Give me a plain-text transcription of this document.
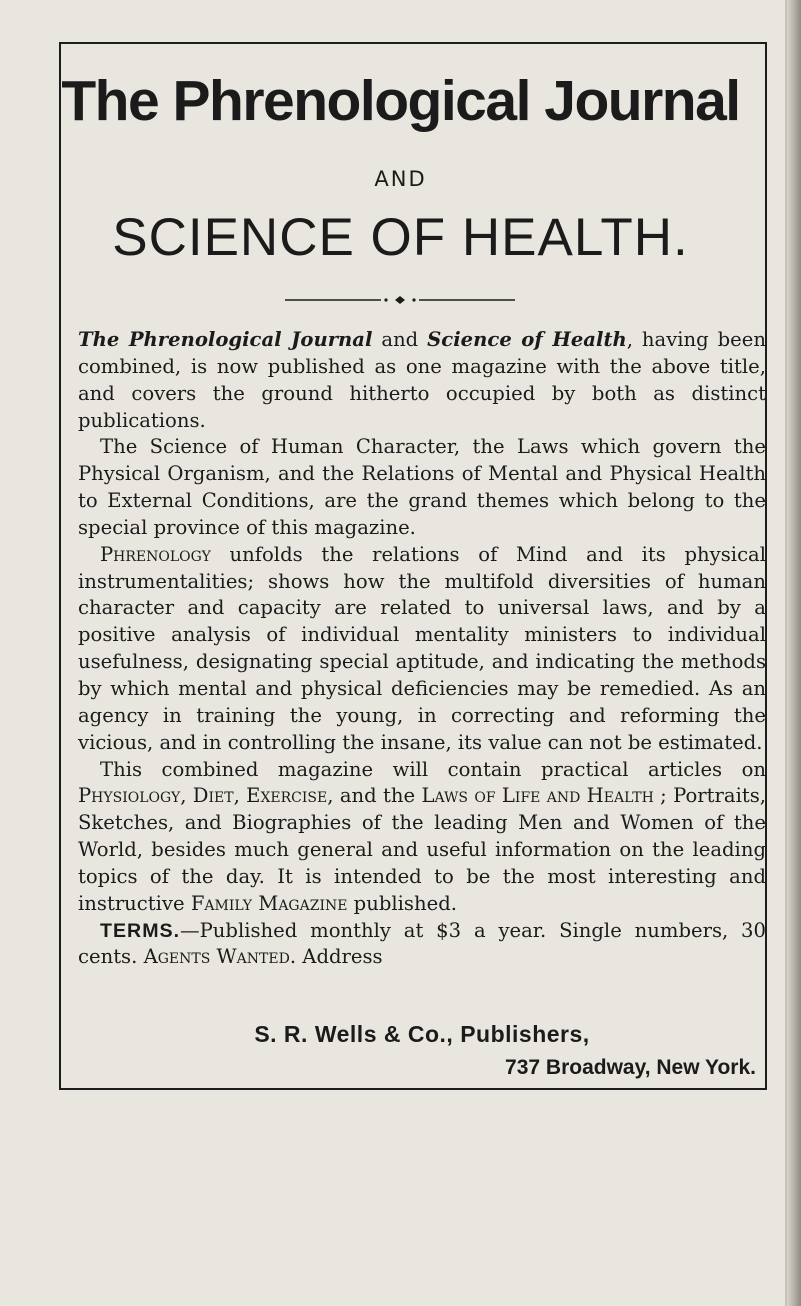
The Phrenological Journal
AND
SCIENCE OF HEALTH.

The Phrenological Journal and Science of Health, having been combined, is now published as one magazine with the above title, and covers the ground hitherto occupied by both as distinct publications.

The Science of Human Character, the Laws which govern the Physical Organism, and the Relations of Mental and Physical Health to External Conditions, are the grand themes which belong to the special province of this magazine.

Phrenology unfolds the relations of Mind and its physical instrumentalities; shows how the multifold diversities of human character and capacity are related to universal laws, and by a positive analysis of individual mentality ministers to individual usefulness, designating special aptitude, and indicating the methods by which mental and physical deficiencies may be remedied. As an agency in training the young, in correcting and reforming the vicious, and in controlling the insane, its value can not be estimated.

This combined magazine will contain practical articles on Physiology, Diet, Exercise, and the Laws of Life and Health ; Portraits, Sketches, and Biographies of the leading Men and Women of the World, besides much general and useful information on the leading topics of the day. It is intended to be the most interesting and instructive Family Magazine published.

TERMS.—Published monthly at $3 a year. Single numbers, 30 cents. Agents Wanted. Address

S. R. Wells & Co., Publishers,
737 Broadway, New York.
